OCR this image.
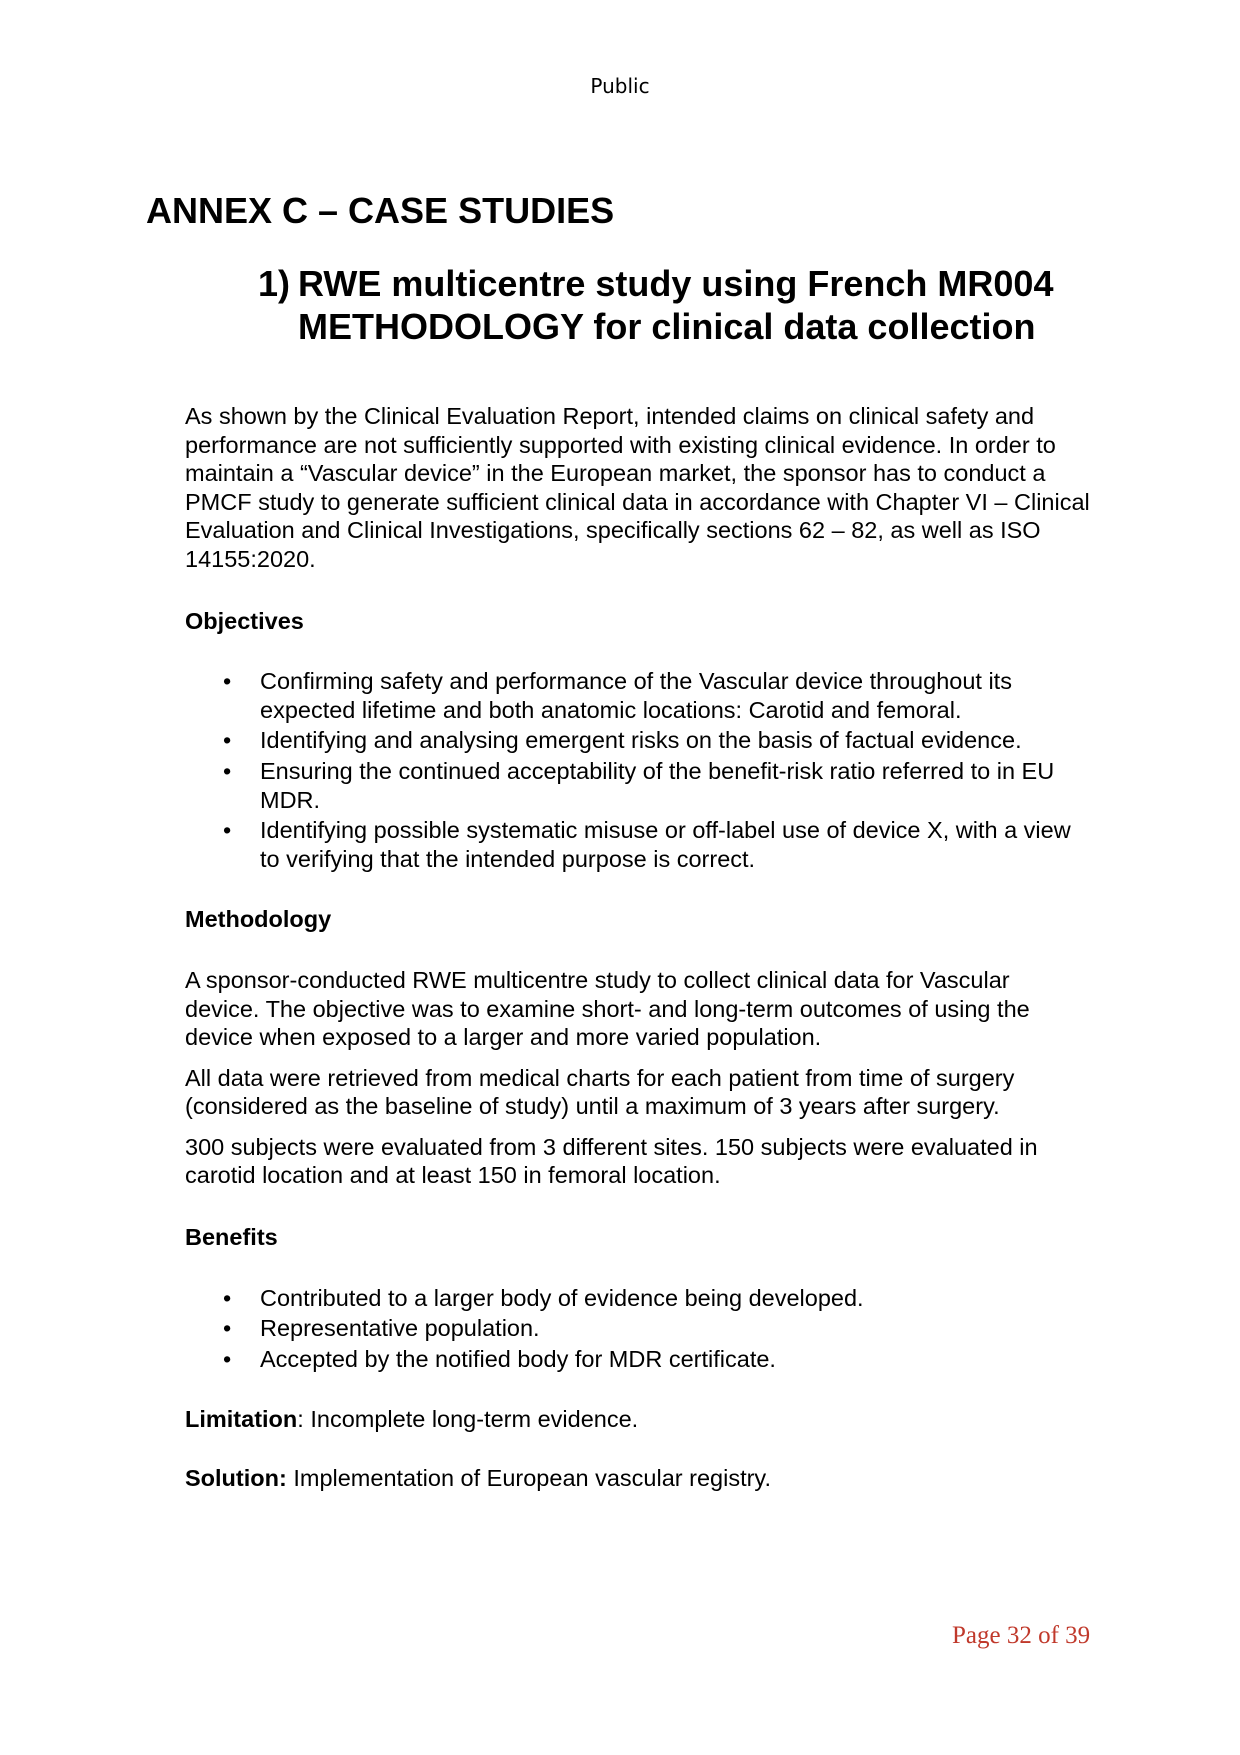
Public
ANNEX C – CASE STUDIES
1) RWE multicentre study using French MR004 METHODOLOGY for clinical data collection

As shown by the Clinical Evaluation Report, intended claims on clinical safety and performance are not sufficiently supported with existing clinical evidence. In order to maintain a “Vascular device” in the European market, the sponsor has to conduct a PMCF study to generate sufficient clinical data in accordance with Chapter VI – Clinical Evaluation and Clinical Investigations, specifically sections 62 – 82, as well as ISO 14155:2020.

Objectives

• Confirming safety and performance of the Vascular device throughout its expected lifetime and both anatomic locations: Carotid and femoral.
• Identifying and analysing emergent risks on the basis of factual evidence.
• Ensuring the continued acceptability of the benefit-risk ratio referred to in EU MDR.
• Identifying possible systematic misuse or off-label use of device X, with a view to verifying that the intended purpose is correct.

Methodology

A sponsor-conducted RWE multicentre study to collect clinical data for Vascular device. The objective was to examine short- and long-term outcomes of using the device when exposed to a larger and more varied population.

All data were retrieved from medical charts for each patient from time of surgery (considered as the baseline of study) until a maximum of 3 years after surgery.

300 subjects were evaluated from 3 different sites. 150 subjects were evaluated in carotid location and at least 150 in femoral location.

Benefits

• Contributed to a larger body of evidence being developed.
• Representative population.
• Accepted by the notified body for MDR certificate.

Limitation: Incomplete long-term evidence.

Solution: Implementation of European vascular registry.

Page 32 of 39
